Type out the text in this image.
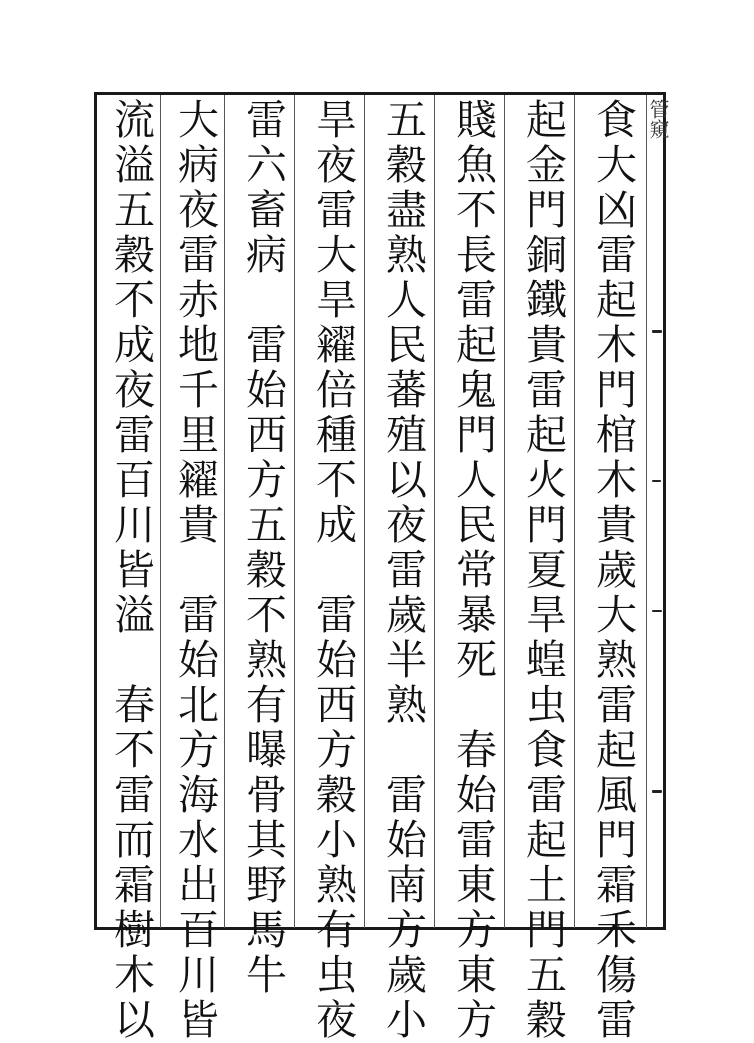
管窺
食大凶雷起木門棺木貴歲大熟雷起風門霜禾傷雷
起金門銅鐵貴雷起火門夏旱蝗虫食雷起土門五穀
賤魚不長雷起鬼門人民常暴死　春始雷東方東方
五穀盡熟人民蕃殖以夜雷歲半熟　雷始南方歲小
旱夜雷大旱糴倍種不成　雷始西方穀小熟有虫夜
雷六畜病　雷始西方五穀不熟有曝骨其野馬牛
大病夜雷赤地千里糴貴　雷始北方海水出百川皆
流溢五穀不成夜雷百川皆溢　春不雷而霜樹木以
